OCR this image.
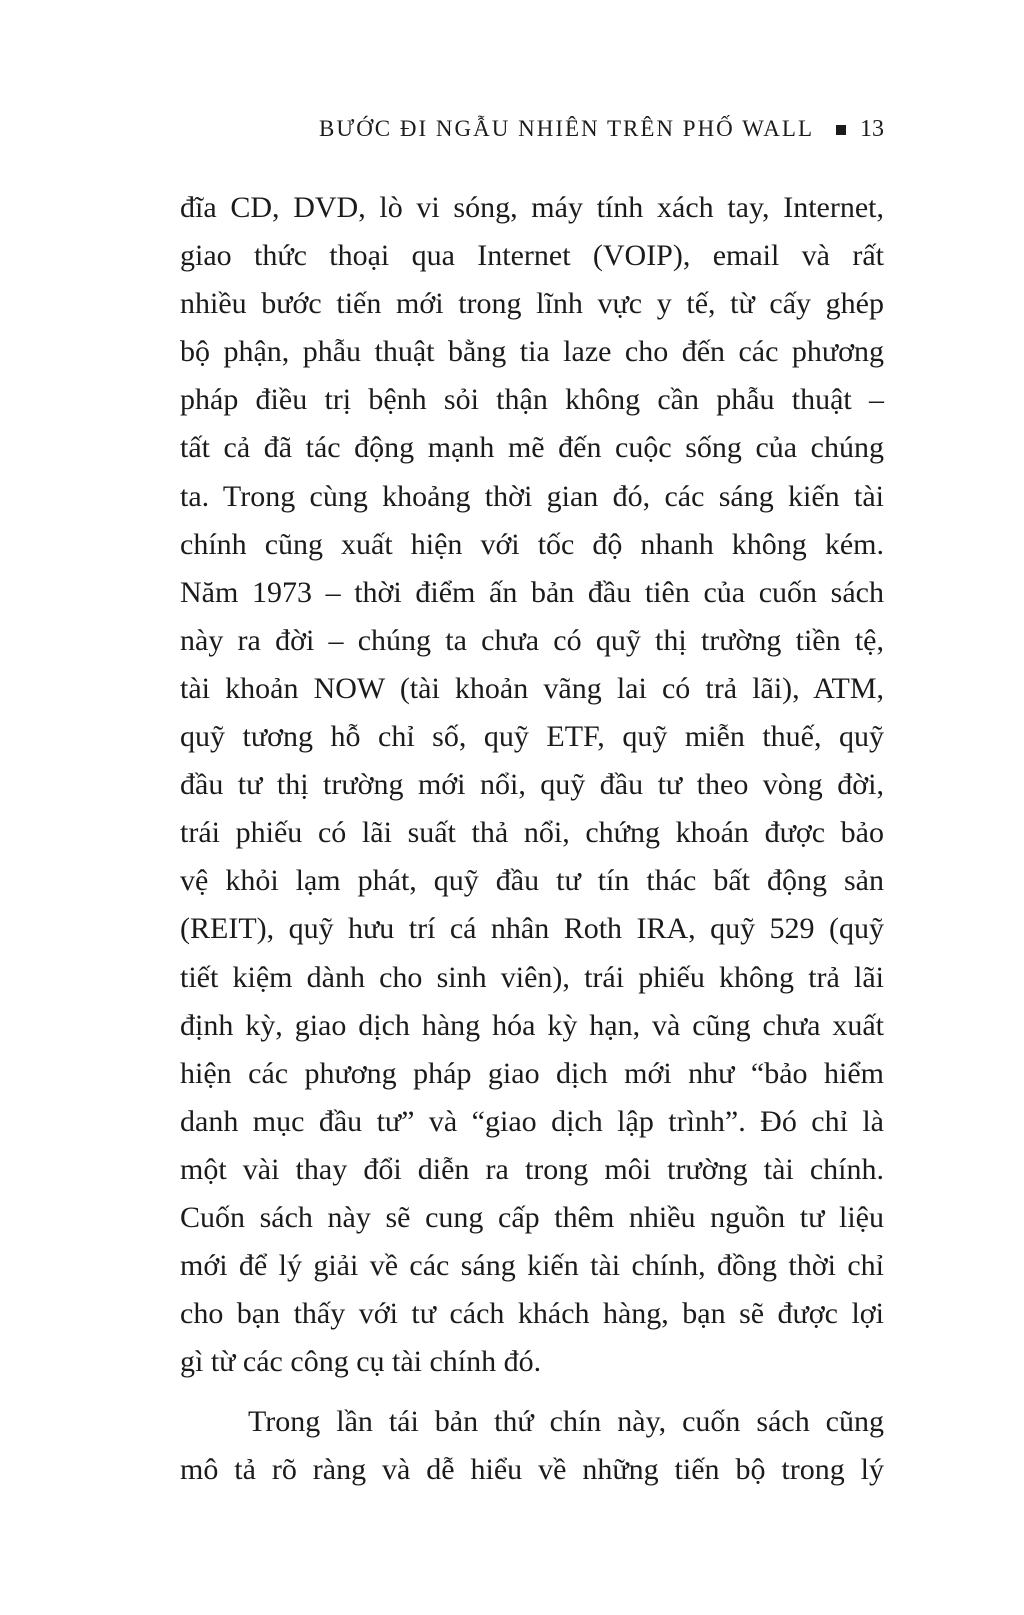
BƯỚC ĐI NGẪU NHIÊN TRÊN PHỐ WALL 13
đĩa CD, DVD, lò vi sóng, máy tính xách tay, Internet,
giao thức thoại qua Internet (VOIP), email và rất
nhiều bước tiến mới trong lĩnh vực y tế, từ cấy ghép
bộ phận, phẫu thuật bằng tia laze cho đến các phương
pháp điều trị bệnh sỏi thận không cần phẫu thuật –
tất cả đã tác động mạnh mẽ đến cuộc sống của chúng
ta. Trong cùng khoảng thời gian đó, các sáng kiến tài
chính cũng xuất hiện với tốc độ nhanh không kém.
Năm 1973 – thời điểm ấn bản đầu tiên của cuốn sách
này ra đời – chúng ta chưa có quỹ thị trường tiền tệ,
tài khoản NOW (tài khoản vãng lai có trả lãi), ATM,
quỹ tương hỗ chỉ số, quỹ ETF, quỹ miễn thuế, quỹ
đầu tư thị trường mới nổi, quỹ đầu tư theo vòng đời,
trái phiếu có lãi suất thả nổi, chứng khoán được bảo
vệ khỏi lạm phát, quỹ đầu tư tín thác bất động sản
(REIT), quỹ hưu trí cá nhân Roth IRA, quỹ 529 (quỹ
tiết kiệm dành cho sinh viên), trái phiếu không trả lãi
định kỳ, giao dịch hàng hóa kỳ hạn, và cũng chưa xuất
hiện các phương pháp giao dịch mới như “bảo hiểm
danh mục đầu tư” và “giao dịch lập trình”. Đó chỉ là
một vài thay đổi diễn ra trong môi trường tài chính.
Cuốn sách này sẽ cung cấp thêm nhiều nguồn tư liệu
mới để lý giải về các sáng kiến tài chính, đồng thời chỉ
cho bạn thấy với tư cách khách hàng, bạn sẽ được lợi
gì từ các công cụ tài chính đó.
Trong lần tái bản thứ chín này, cuốn sách cũng
mô tả rõ ràng và dễ hiểu về những tiến bộ trong lý
